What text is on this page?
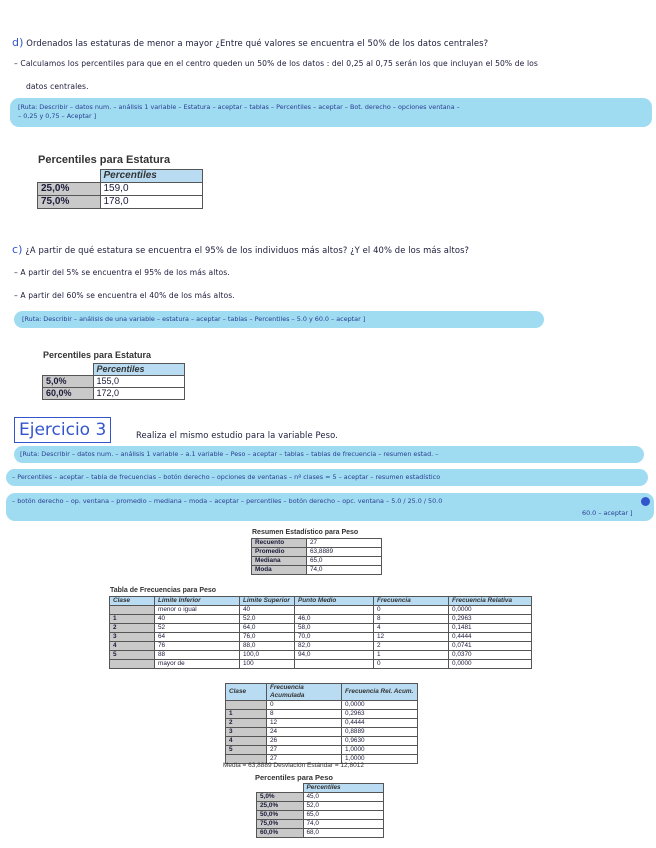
d) Ordenados las estaturas de menor a mayor ¿Entre qué valores se encuentra el 50% de los datos centrales?
– Calculamos los percentiles para que en el centro queden un 50% de los datos : del 0,25 al 0,75 serán los que incluyan el 50% de los
datos centrales.
[Ruta: Describir – datos num. – análisis 1 variable – Estatura – aceptar – tablas – Percentiles – aceptar – Bot. derecho – opciones ventana –
– 0,25 y 0,75 – Aceptar ]
Percentiles para Estatura
	Percentiles
25,0%	159,0
75,0%	178,0
c) ¿A partir de qué estatura se encuentra el 95% de los individuos más altos? ¿Y el 40% de los más altos?
– A partir del 5% se encuentra el 95% de los más altos.
– A partir del 60% se encuentra el 40% de los más altos.
[Ruta: Describir – análisis de una variable – estatura – aceptar – tablas – Percentiles – 5.0 y 60.0 – aceptar ]
Percentiles para Estatura
	Percentiles
5,0%	155,0
60,0%	172,0
Ejercicio 3	Realiza el mismo estudio para la variable Peso.
[Ruta: Describir – datos num. – análisis 1 variable – a.1 variable – Peso – aceptar – tablas – tablas de frecuencia – resumen estad. –
– Percentiles – aceptar – tabla de frecuencias – botón derecho – opciones de ventanas – nº clases = 5 – aceptar – resumen estadístico
– botón derecho – op. ventana – promedio – mediana – moda – aceptar – percentiles – botón derecho – opc. ventana – 5.0 / 25.0 / 50.0
60.0 – aceptar ]
Resumen Estadístico para Peso
Recuento	27
Promedio	63,8889
Mediana	65,0
Moda	74,0
Tabla de Frecuencias para Peso
Clase	Límite Inferior	Límite Superior	Punto Medio	Frecuencia	Frecuencia Relativa
	menor o igual	40		0	0,0000
1	40	52,0	46,0	8	0,2963
2	52	64,0	58,0	4	0,1481
3	64	76,0	70,0	12	0,4444
4	76	88,0	82,0	2	0,0741
5	88	100,0	94,0	1	0,0370
	mayor de	100		0	0,0000
Clase	Frecuencia Acumulada	Frecuencia Rel. Acum.
	0	0,0000
1	8	0,2963
2	12	0,4444
3	24	0,8889
4	26	0,9630
5	27	1,0000
	27	1,0000
Media = 63,8889 Desviación Estándar = 12,8012
Percentiles para Peso
	Percentiles
5,0%	45,0
25,0%	52,0
50,0%	65,0
75,0%	74,0
60,0%	68,0
